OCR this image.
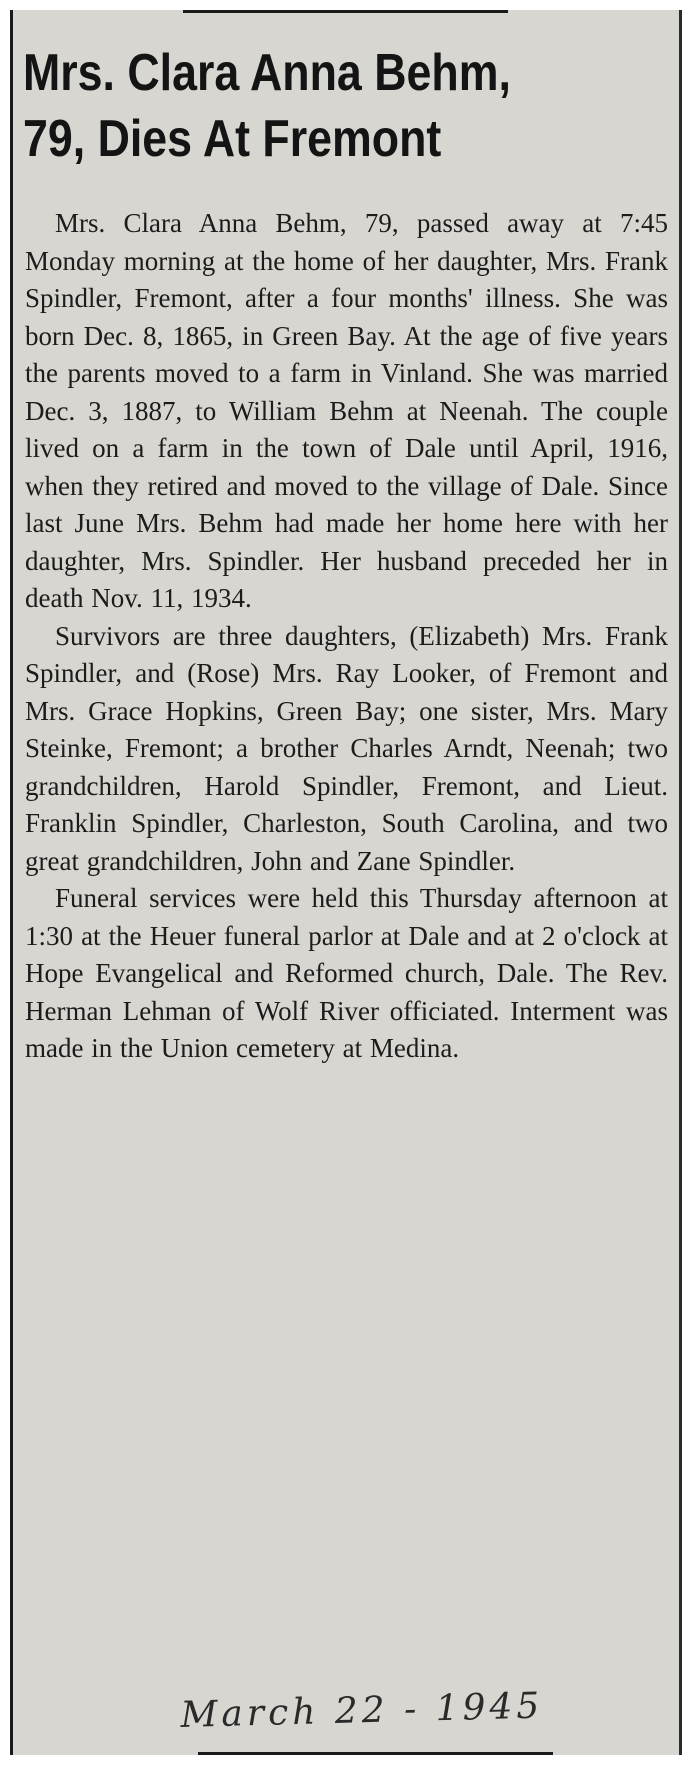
Mrs. Clara Anna Behm,
79, Dies At Fremont

Mrs. Clara Anna Behm, 79, passed away at 7:45 Monday morning at the home of her daughter, Mrs. Frank Spindler, Fremont, after a four months' illness. She was born Dec. 8, 1865, in Green Bay. At the age of five years the parents moved to a farm in Vinland. She was married Dec. 3, 1887, to William Behm at Neenah. The couple lived on a farm in the town of Dale until April, 1916, when they retired and moved to the village of Dale. Since last June Mrs. Behm had made her home here with her daughter, Mrs. Spindler. Her husband preceded her in death Nov. 11, 1934.

Survivors are three daughters, (Elizabeth) Mrs. Frank Spindler, and (Rose) Mrs. Ray Looker, of Fremont and Mrs. Grace Hopkins, Green Bay; one sister, Mrs. Mary Steinke, Fremont; a brother Charles Arndt, Neenah; two grandchildren, Harold Spindler, Fremont, and Lieut. Franklin Spindler, Charleston, South Carolina, and two great grandchildren, John and Zane Spindler.

Funeral services were held this Thursday afternoon at 1:30 at the Heuer funeral parlor at Dale and at 2 o'clock at Hope Evangelical and Reformed church, Dale. The Rev. Herman Lehman of Wolf River officiated. Interment was made in the Union cemetery at Medina.

March 22 - 1945
